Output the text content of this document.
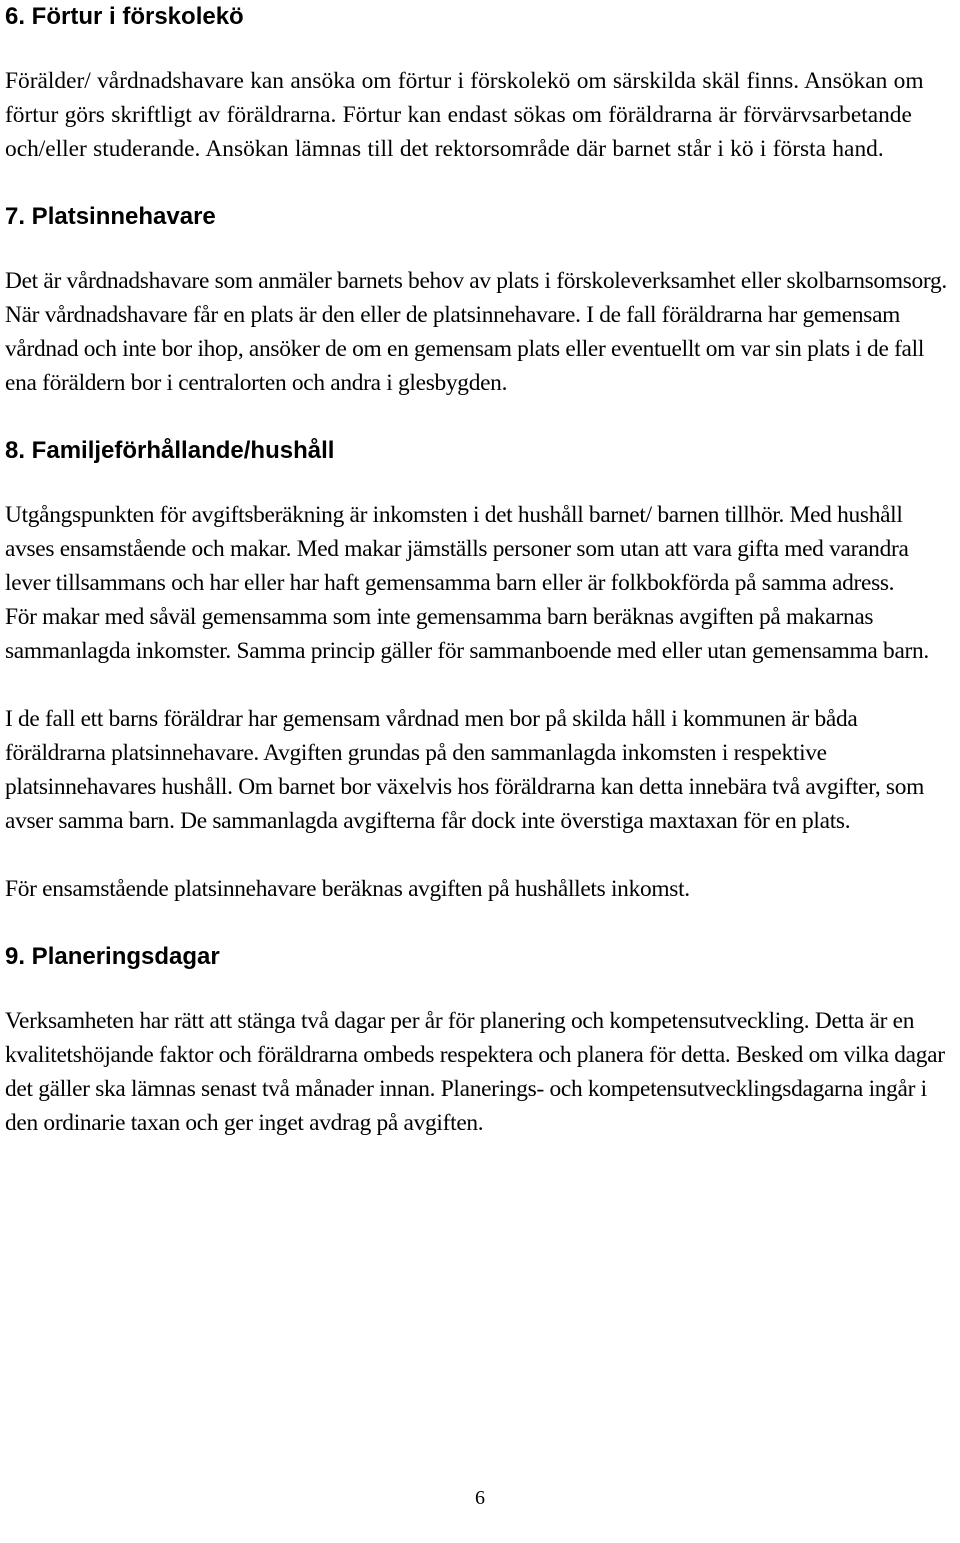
6. Förtur i förskolekö

Förälder/ vårdnadshavare kan ansöka om förtur i förskolekö om särskilda skäl finns. Ansökan om förtur görs skriftligt av föräldrarna. Förtur kan endast sökas om föräldrarna är förvärvsarbetande och/eller studerande. Ansökan lämnas till det rektorsområde där barnet står i kö i första hand.

7. Platsinnehavare

Det är vårdnadshavare som anmäler barnets behov av plats i förskoleverksamhet eller skolbarnsomsorg. När vårdnadshavare får en plats är den eller de platsinnehavare. I de fall föräldrarna har gemensam vårdnad och inte bor ihop, ansöker de om en gemensam plats eller eventuellt om var sin plats i de fall ena föräldern bor i centralorten och andra i glesbygden.

8. Familjeförhållande/hushåll

Utgångspunkten för avgiftsberäkning är inkomsten i det hushåll barnet/ barnen tillhör. Med hushåll avses ensamstående och makar. Med makar jämställs personer som utan att vara gifta med varandra lever tillsammans och har eller har haft gemensamma barn eller är folkbokförda på samma adress.

För makar med såväl gemensamma som inte gemensamma barn beräknas avgiften på makarnas sammanlagda inkomster. Samma princip gäller för sammanboende med eller utan gemensamma barn.

I de fall ett barns föräldrar har gemensam vårdnad men bor på skilda håll i kommunen är båda föräldrarna platsinnehavare. Avgiften grundas på den sammanlagda inkomsten i respektive platsinnehavares hushåll. Om barnet bor växelvis hos föräldrarna kan detta innebära två avgifter, som avser samma barn. De sammanlagda avgifterna får dock inte överstiga maxtaxan för en plats.

För ensamstående platsinnehavare beräknas avgiften på hushållets inkomst.

9. Planeringsdagar

Verksamheten har rätt att stänga två dagar per år för planering och kompetensutveckling. Detta är en kvalitetshöjande faktor och föräldrarna ombeds respektera och planera för detta. Besked om vilka dagar det gäller ska lämnas senast två månader innan. Planerings- och kompetensutvecklingsdagarna ingår i den ordinarie taxan och ger inget avdrag på avgiften.

6
